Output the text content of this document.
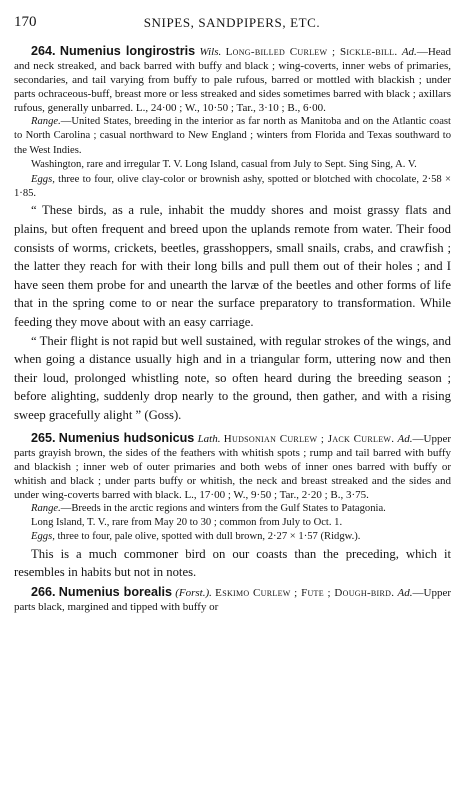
170	SNIPES, SANDPIPERS, ETC.

264. Numenius longirostris Wils. Long-billed Curlew ; Sickle-bill. Ad.—Head and neck streaked, and back barred with buffy and black ; wing-coverts, inner webs of primaries, secondaries, and tail varying from buffy to pale rufous, barred or mottled with blackish ; under parts ochraceous-buff, breast more or less streaked and sides sometimes barred with black ; axillars rufous, generally unbarred. L., 24·00 ; W., 10·50 ; Tar., 3·10 ; B., 6·00.

Range.—United States, breeding in the interior as far north as Manitoba and on the Atlantic coast to North Carolina ; casual northward to New England ; winters from Florida and Texas southward to the West Indies.

Washington, rare and irregular T. V. Long Island, casual from July to Sept. Sing Sing, A. V.

Eggs, three to four, olive clay-color or brownish ashy, spotted or blotched with chocolate, 2·58 × 1·85.

“ These birds, as a rule, inhabit the muddy shores and moist grassy flats and plains, but often frequent and breed upon the uplands remote from water. Their food consists of worms, crickets, beetles, grasshoppers, small snails, crabs, and crawfish ; the latter they reach for with their long bills and pull them out of their holes ; and I have seen them probe for and unearth the larvæ of the beetles and other forms of life that in the spring come to or near the surface preparatory to transformation. While feeding they move about with an easy carriage.

“ Their flight is not rapid but well sustained, with regular strokes of the wings, and when going a distance usually high and in a triangular form, uttering now and then their loud, prolonged whistling note, so often heard during the breeding season ; before alighting, suddenly drop nearly to the ground, then gather, and with a rising sweep gracefully alight ” (Goss).

265. Numenius hudsonicus Lath. Hudsonian Curlew ; Jack Curlew. Ad.—Upper parts grayish brown, the sides of the feathers with whitish spots ; rump and tail barred with buffy and blackish ; inner web of outer primaries and both webs of inner ones barred with buffy or whitish and black ; under parts buffy or whitish, the neck and breast streaked and the sides and under wing-coverts barred with black. L., 17·00 ; W., 9·50 ; Tar., 2·20 ; B., 3·75.

Range.—Breeds in the arctic regions and winters from the Gulf States to Patagonia.

Long Island, T. V., rare from May 20 to 30 ; common from July to Oct. 1.

Eggs, three to four, pale olive, spotted with dull brown, 2·27 × 1·57 (Ridgw.).

This is a much commoner bird on our coasts than the preceding, which it resembles in habits but not in notes.

266. Numenius borealis (Forst.). Eskimo Curlew ; Fute ; Dough-bird. Ad.—Upper parts black, margined and tipped with buffy or
